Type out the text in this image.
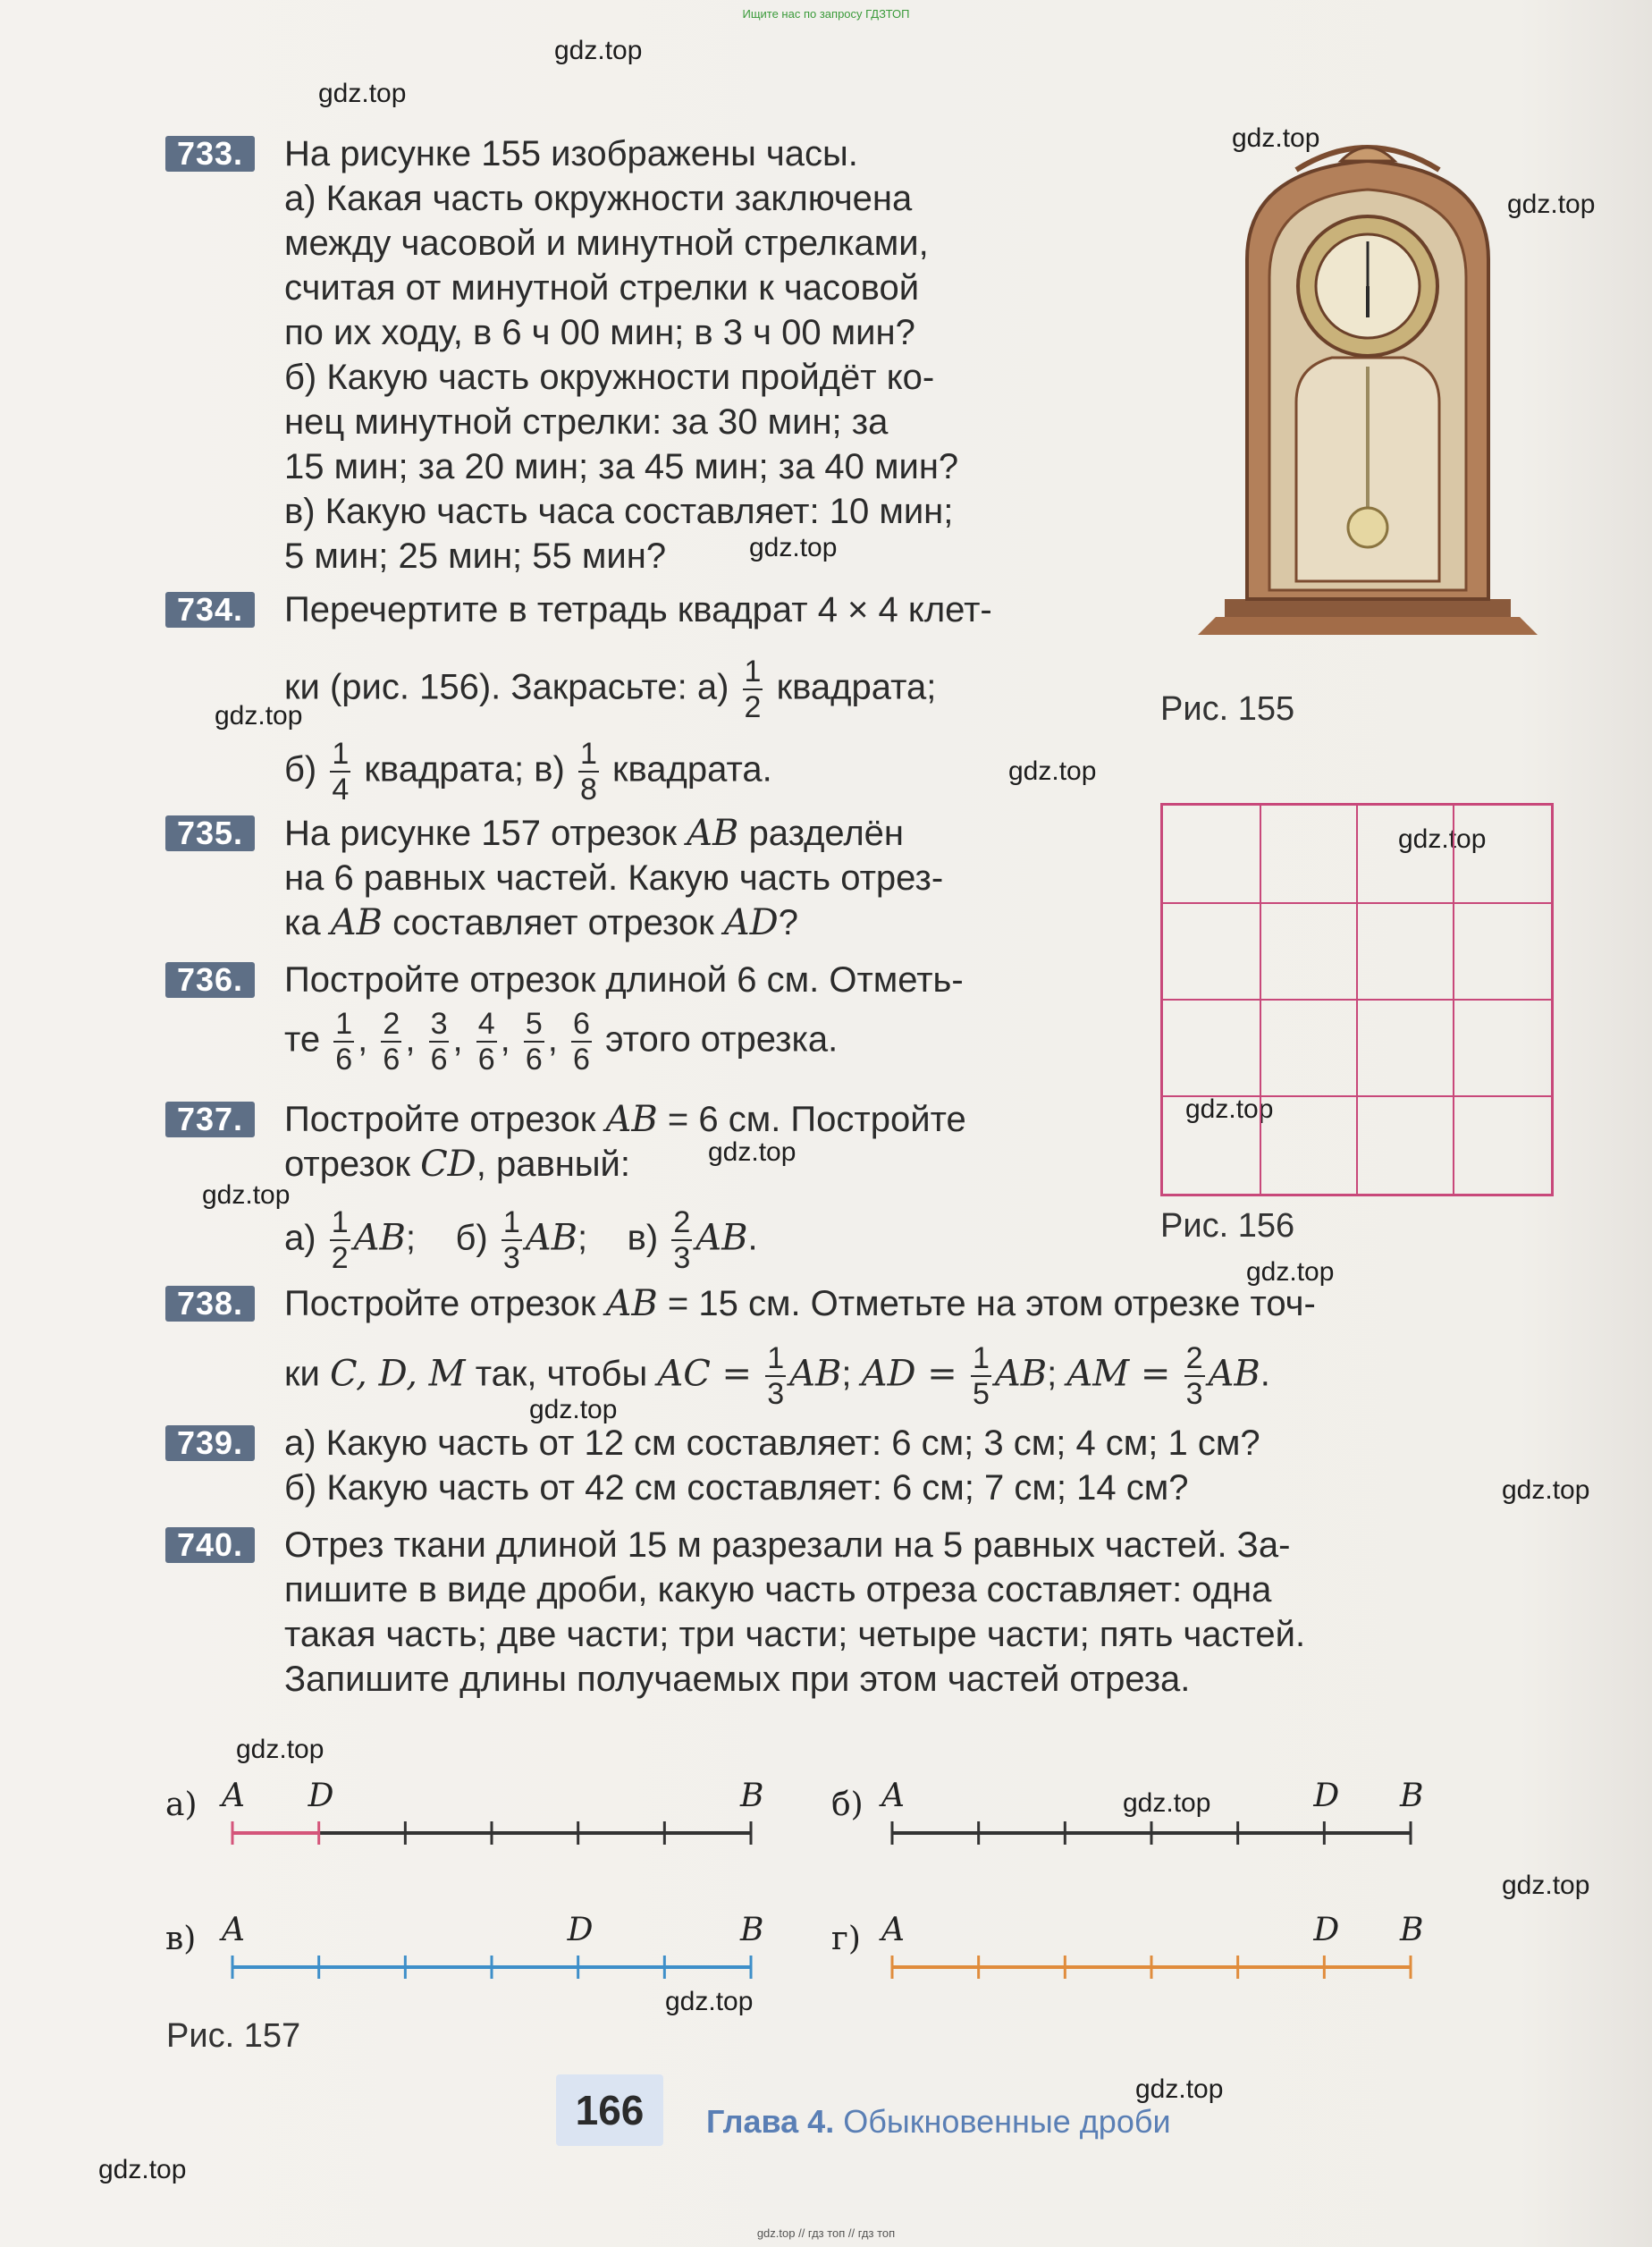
Ищите нас по запросу ГДЗТОП
gdz.top
gdz.top
gdz.top
gdz.top
gdz.top
gdz.top
gdz.top
gdz.top
gdz.top
gdz.top
gdz.top
gdz.top
gdz.top
gdz.top
gdz.top
gdz.top
gdz.top
gdz.top
733.	На рисунке 155 изображены часы.
а) Какая часть окружности заключена
между часовой и минутной стрелками,
считая от минутной стрелки к часовой
по их ходу, в 6 ч 00 мин; в 3 ч 00 мин?
б) Какую часть окружности пройдёт ко-
нец минутной стрелки: за 30 мин; за
15 мин; за 20 мин; за 45 мин; за 40 мин?
в) Какую часть часа составляет: 10 мин;
5 мин; 25 мин; 55 мин?
Рис. 155
734.	Перечертите в тетрадь квадрат 4 × 4 клет-
ки (рис. 156). Закрасьте: $а) \frac{1}{2}$ квадрата;
$б) \frac{1}{4}$ квадрата; $в) \frac{1}{8}$ квадрата.
Рис. 156
735.	На рисунке 157 отрезок AB разделён
на 6 равных частей. Какую часть отрез-
ка AB составляет отрезок AD?
736.	Постройте отрезок длиной 6 см. Отметь-
те $\frac{1}{6}$ , $\frac{2}{6}$ , $\frac{3}{6}$ , $\frac{4}{6}$ , $\frac{5}{6}$ , $\frac{6}{6}$ этого отрезка.
737.	Постройте отрезок AB = 6 см. Постройте
отрезок CD, равный:
$а) \frac{1}{2}$ AB;    $б) \frac{1}{3}$ AB;    $в) \frac{2}{3}$ AB.
738.	Постройте отрезок AB = 15 см. Отметьте на этом отрезке точ-
ки C, D, M так, чтобы AC = $\frac{1}{3}$ AB; AD = $\frac{1}{5}$ AB; AM = $\frac{2}{3}$ AB.
739.	а) Какую часть от 12 см составляет: 6 см; 3 см; 4 см; 1 см?
б) Какую часть от 42 см составляет: 6 см; 7 см; 14 см?
740.	Отрез ткани длиной 15 м разрезали на 5 равных частей. За-
пишите в виде дроби, какую часть отреза составляет: одна
такая часть; две части; три части; четыре части; пять частей.
Запишите длины получаемых при этом частей отреза.
а) A D	B б) A	D B
в) A	D	B г) A	D B
Рис. 157
166	Глава 4. Обыкновенные дроби
gdz.top // гдз топ // гдз топ
